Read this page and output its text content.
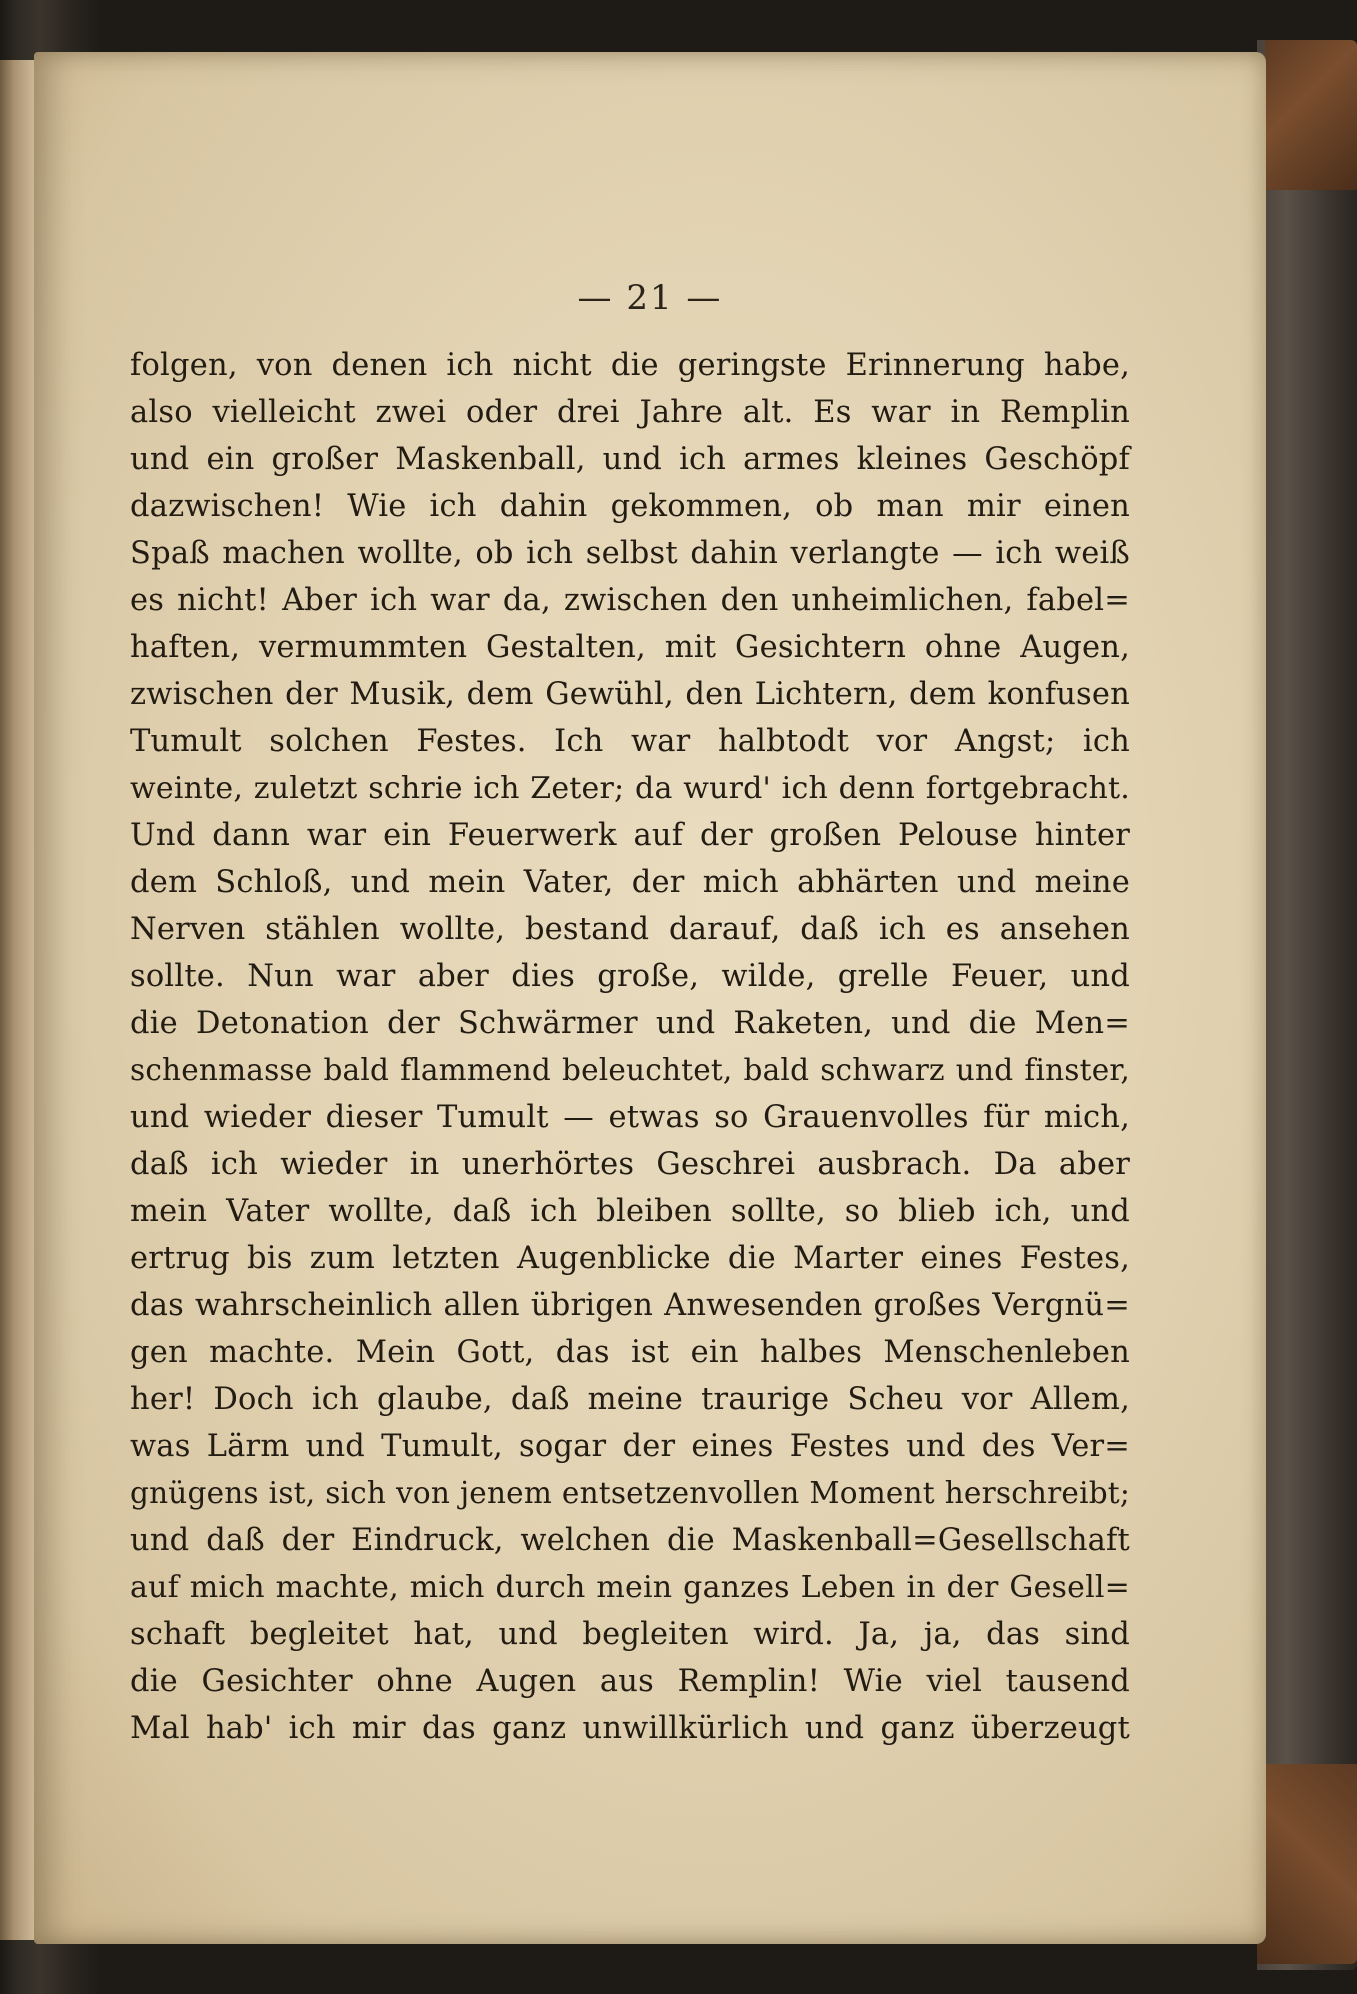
— 21 —
folgen, von denen ich nicht die geringste Erinnerung habe,
also vielleicht zwei oder drei Jahre alt. Es war in Remplin
und ein großer Maskenball, und ich armes kleines Geschöpf
dazwischen! Wie ich dahin gekommen, ob man mir einen
Spaß machen wollte, ob ich selbst dahin verlangte — ich weiß
es nicht! Aber ich war da, zwischen den unheimlichen, fabel=
haften, vermummten Gestalten, mit Gesichtern ohne Augen,
zwischen der Musik, dem Gewühl, den Lichtern, dem konfusen
Tumult solchen Festes. Ich war halbtodt vor Angst; ich
weinte, zuletzt schrie ich Zeter; da wurd' ich denn fortgebracht.
Und dann war ein Feuerwerk auf der großen Pelouse hinter
dem Schloß, und mein Vater, der mich abhärten und meine
Nerven stählen wollte, bestand darauf, daß ich es ansehen
sollte. Nun war aber dies große, wilde, grelle Feuer, und
die Detonation der Schwärmer und Raketen, und die Men=
schenmasse bald flammend beleuchtet, bald schwarz und finster,
und wieder dieser Tumult — etwas so Grauenvolles für mich,
daß ich wieder in unerhörtes Geschrei ausbrach. Da aber
mein Vater wollte, daß ich bleiben sollte, so blieb ich, und
ertrug bis zum letzten Augenblicke die Marter eines Festes,
das wahrscheinlich allen übrigen Anwesenden großes Vergnü=
gen machte. Mein Gott, das ist ein halbes Menschenleben
her! Doch ich glaube, daß meine traurige Scheu vor Allem,
was Lärm und Tumult, sogar der eines Festes und des Ver=
gnügens ist, sich von jenem entsetzenvollen Moment herschreibt;
und daß der Eindruck, welchen die Maskenball=Gesellschaft
auf mich machte, mich durch mein ganzes Leben in der Gesell=
schaft begleitet hat, und begleiten wird. Ja, ja, das sind
die Gesichter ohne Augen aus Remplin! Wie viel tausend
Mal hab' ich mir das ganz unwillkürlich und ganz überzeugt
